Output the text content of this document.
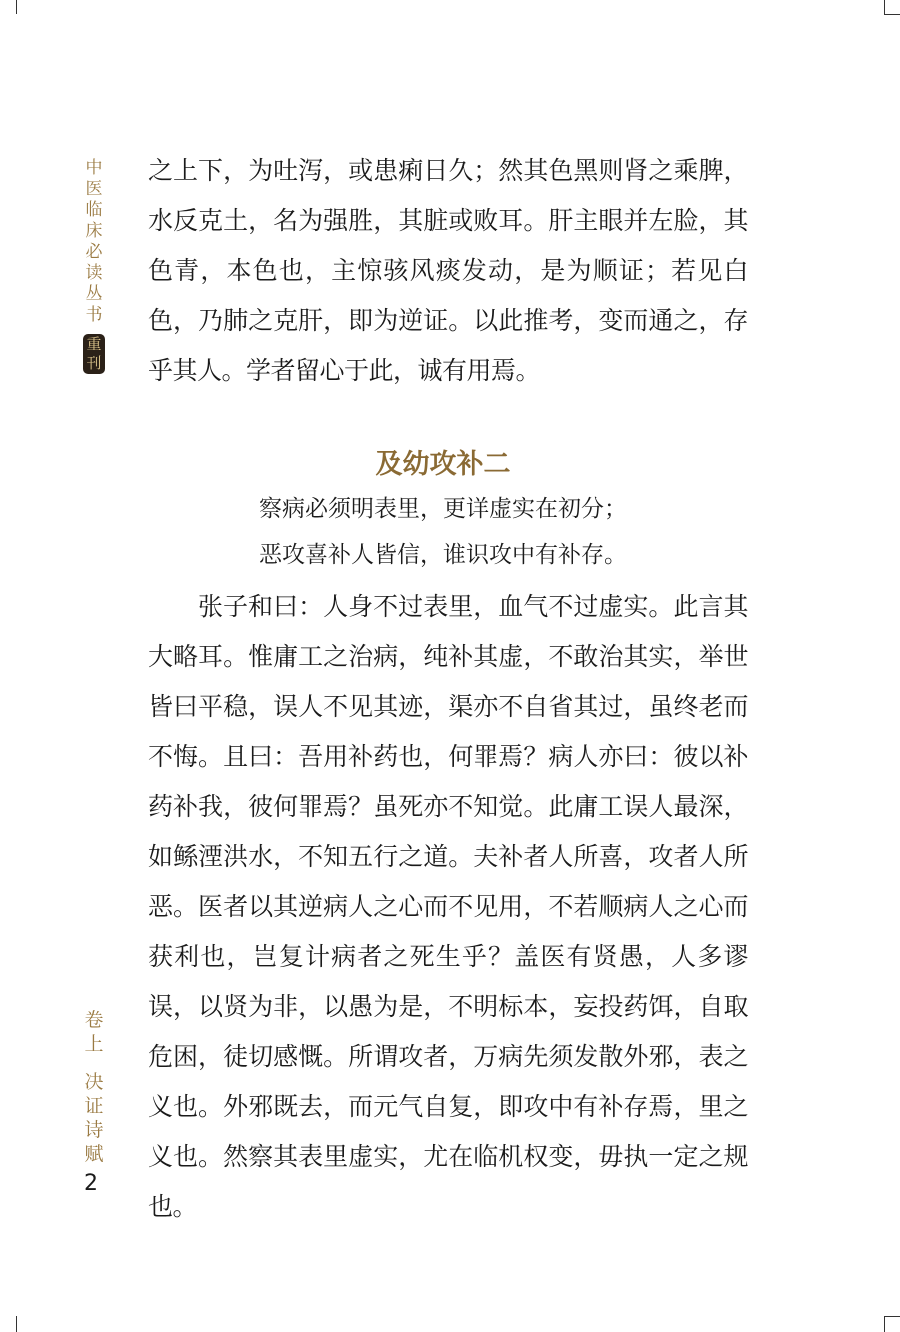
中医临床必读丛书
重刊

之上下，为吐泻，或患痢日久；然其色黑则肾之乘脾，水反克土，名为强胜，其脏或败耳。肝主眼并左脸，其色青，本色也，主惊骇风痰发动，是为顺证；若见白色，乃肺之克肝，即为逆证。以此推考，变而通之，存乎其人。学者留心于此，诚有用焉。

及幼攻补二
察病必须明表里，更详虚实在初分；
恶攻喜补人皆信，谁识攻中有补存。

张子和曰：人身不过表里，血气不过虚实。此言其大略耳。惟庸工之治病，纯补其虚，不敢治其实，举世皆曰平稳，误人不见其迹，渠亦不自省其过，虽终老而不悔。且曰：吾用补药也，何罪焉？病人亦曰：彼以补药补我，彼何罪焉？虽死亦不知觉。此庸工误人最深，如鲧湮洪水，不知五行之道。夫补者人所喜，攻者人所恶。医者以其逆病人之心而不见用，不若顺病人之心而获利也，岂复计病者之死生乎？盖医有贤愚，人多谬误，以贤为非，以愚为是，不明标本，妄投药饵，自取危困，徒切感慨。所谓攻者，万病先须发散外邪，表之义也。外邪既去，而元气自复，即攻中有补存焉，里之义也。然察其表里虚实，尤在临机权变，毋执一定之规也。

卷上
决证诗赋
2
